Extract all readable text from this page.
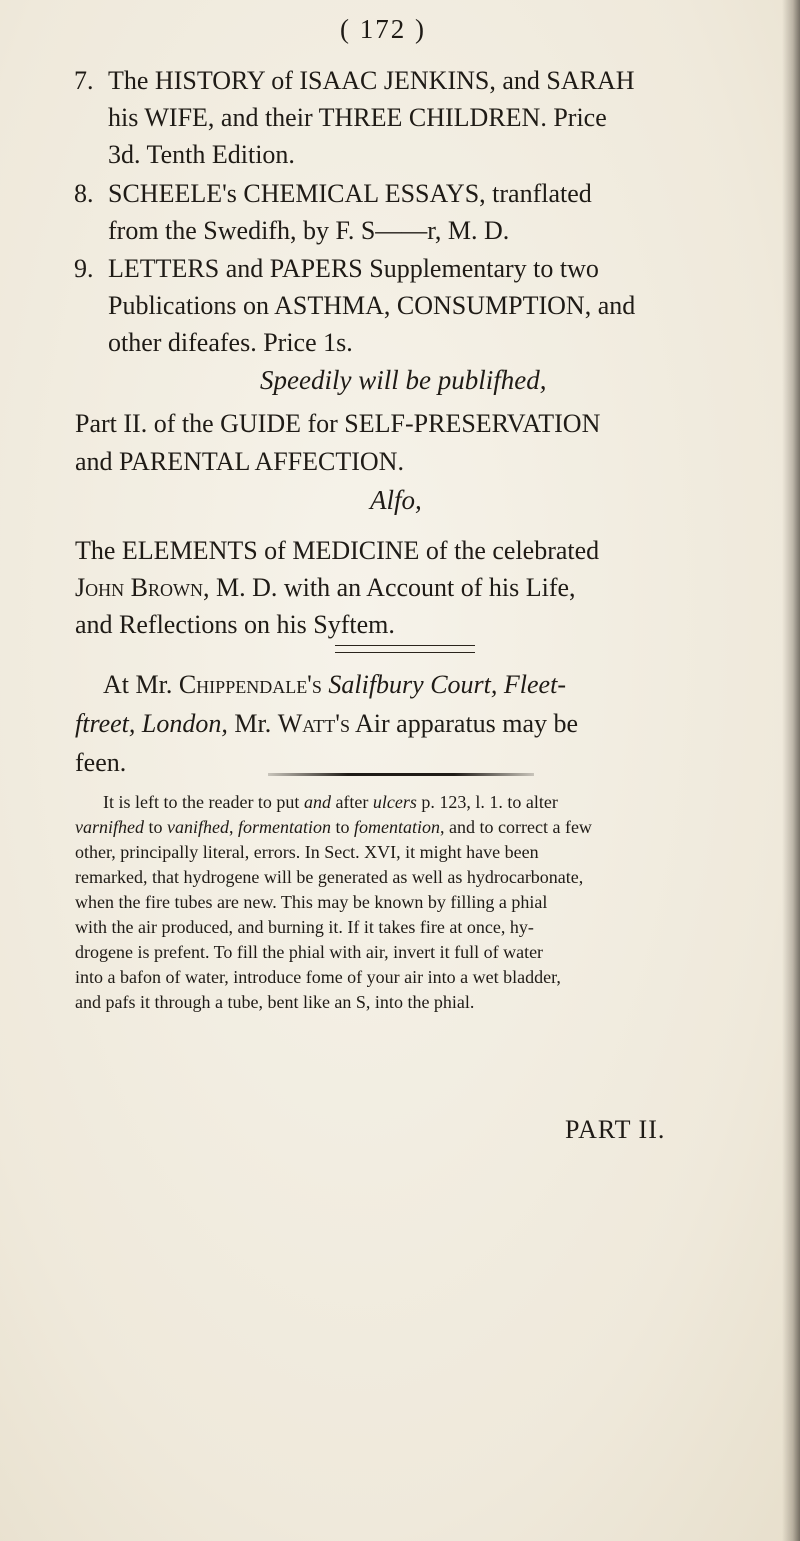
( 172 )
7. The HISTORY of ISAAC JENKINS, and SARAH
his WIFE, and their THREE CHILDREN. Price
3d. Tenth Edition.
8. SCHEELE's CHEMICAL ESSAYS, tranflated
from the Swedifh, by F. S——r, M. D.
9. LETTERS and PAPERS Supplementary to two
Publications on ASTHMA, CONSUMPTION, and
other difeafes. Price 1s.
Speedily will be publifhed,
Part II. of the GUIDE for SELF-PRESERVATION
and PARENTAL AFFECTION.
Alfo,
The ELEMENTS of MEDICINE of the celebrated
John Brown, M. D. with an Account of his Life,
and Reflections on his Syftem.
At Mr. Chippendale's Salifbury Court, Fleet-
ftreet, London, Mr. Watt's Air apparatus may be
feen.
It is left to the reader to put and after ulcers p. 123, l. 1. to alter
varnifhed to vanifhed, formentation to fomentation, and to correct a few
other, principally literal, errors. In Sect. XVI, it might have been
remarked, that hydrogene will be generated as well as hydrocarbonate,
when the fire tubes are new. This may be known by filling a phial
with the air produced, and burning it. If it takes fire at once, hy-
drogene is prefent. To fill the phial with air, invert it full of water
into a bafon of water, introduce fome of your air into a wet bladder,
and pafs it through a tube, bent like an S, into the phial.
PART II.
